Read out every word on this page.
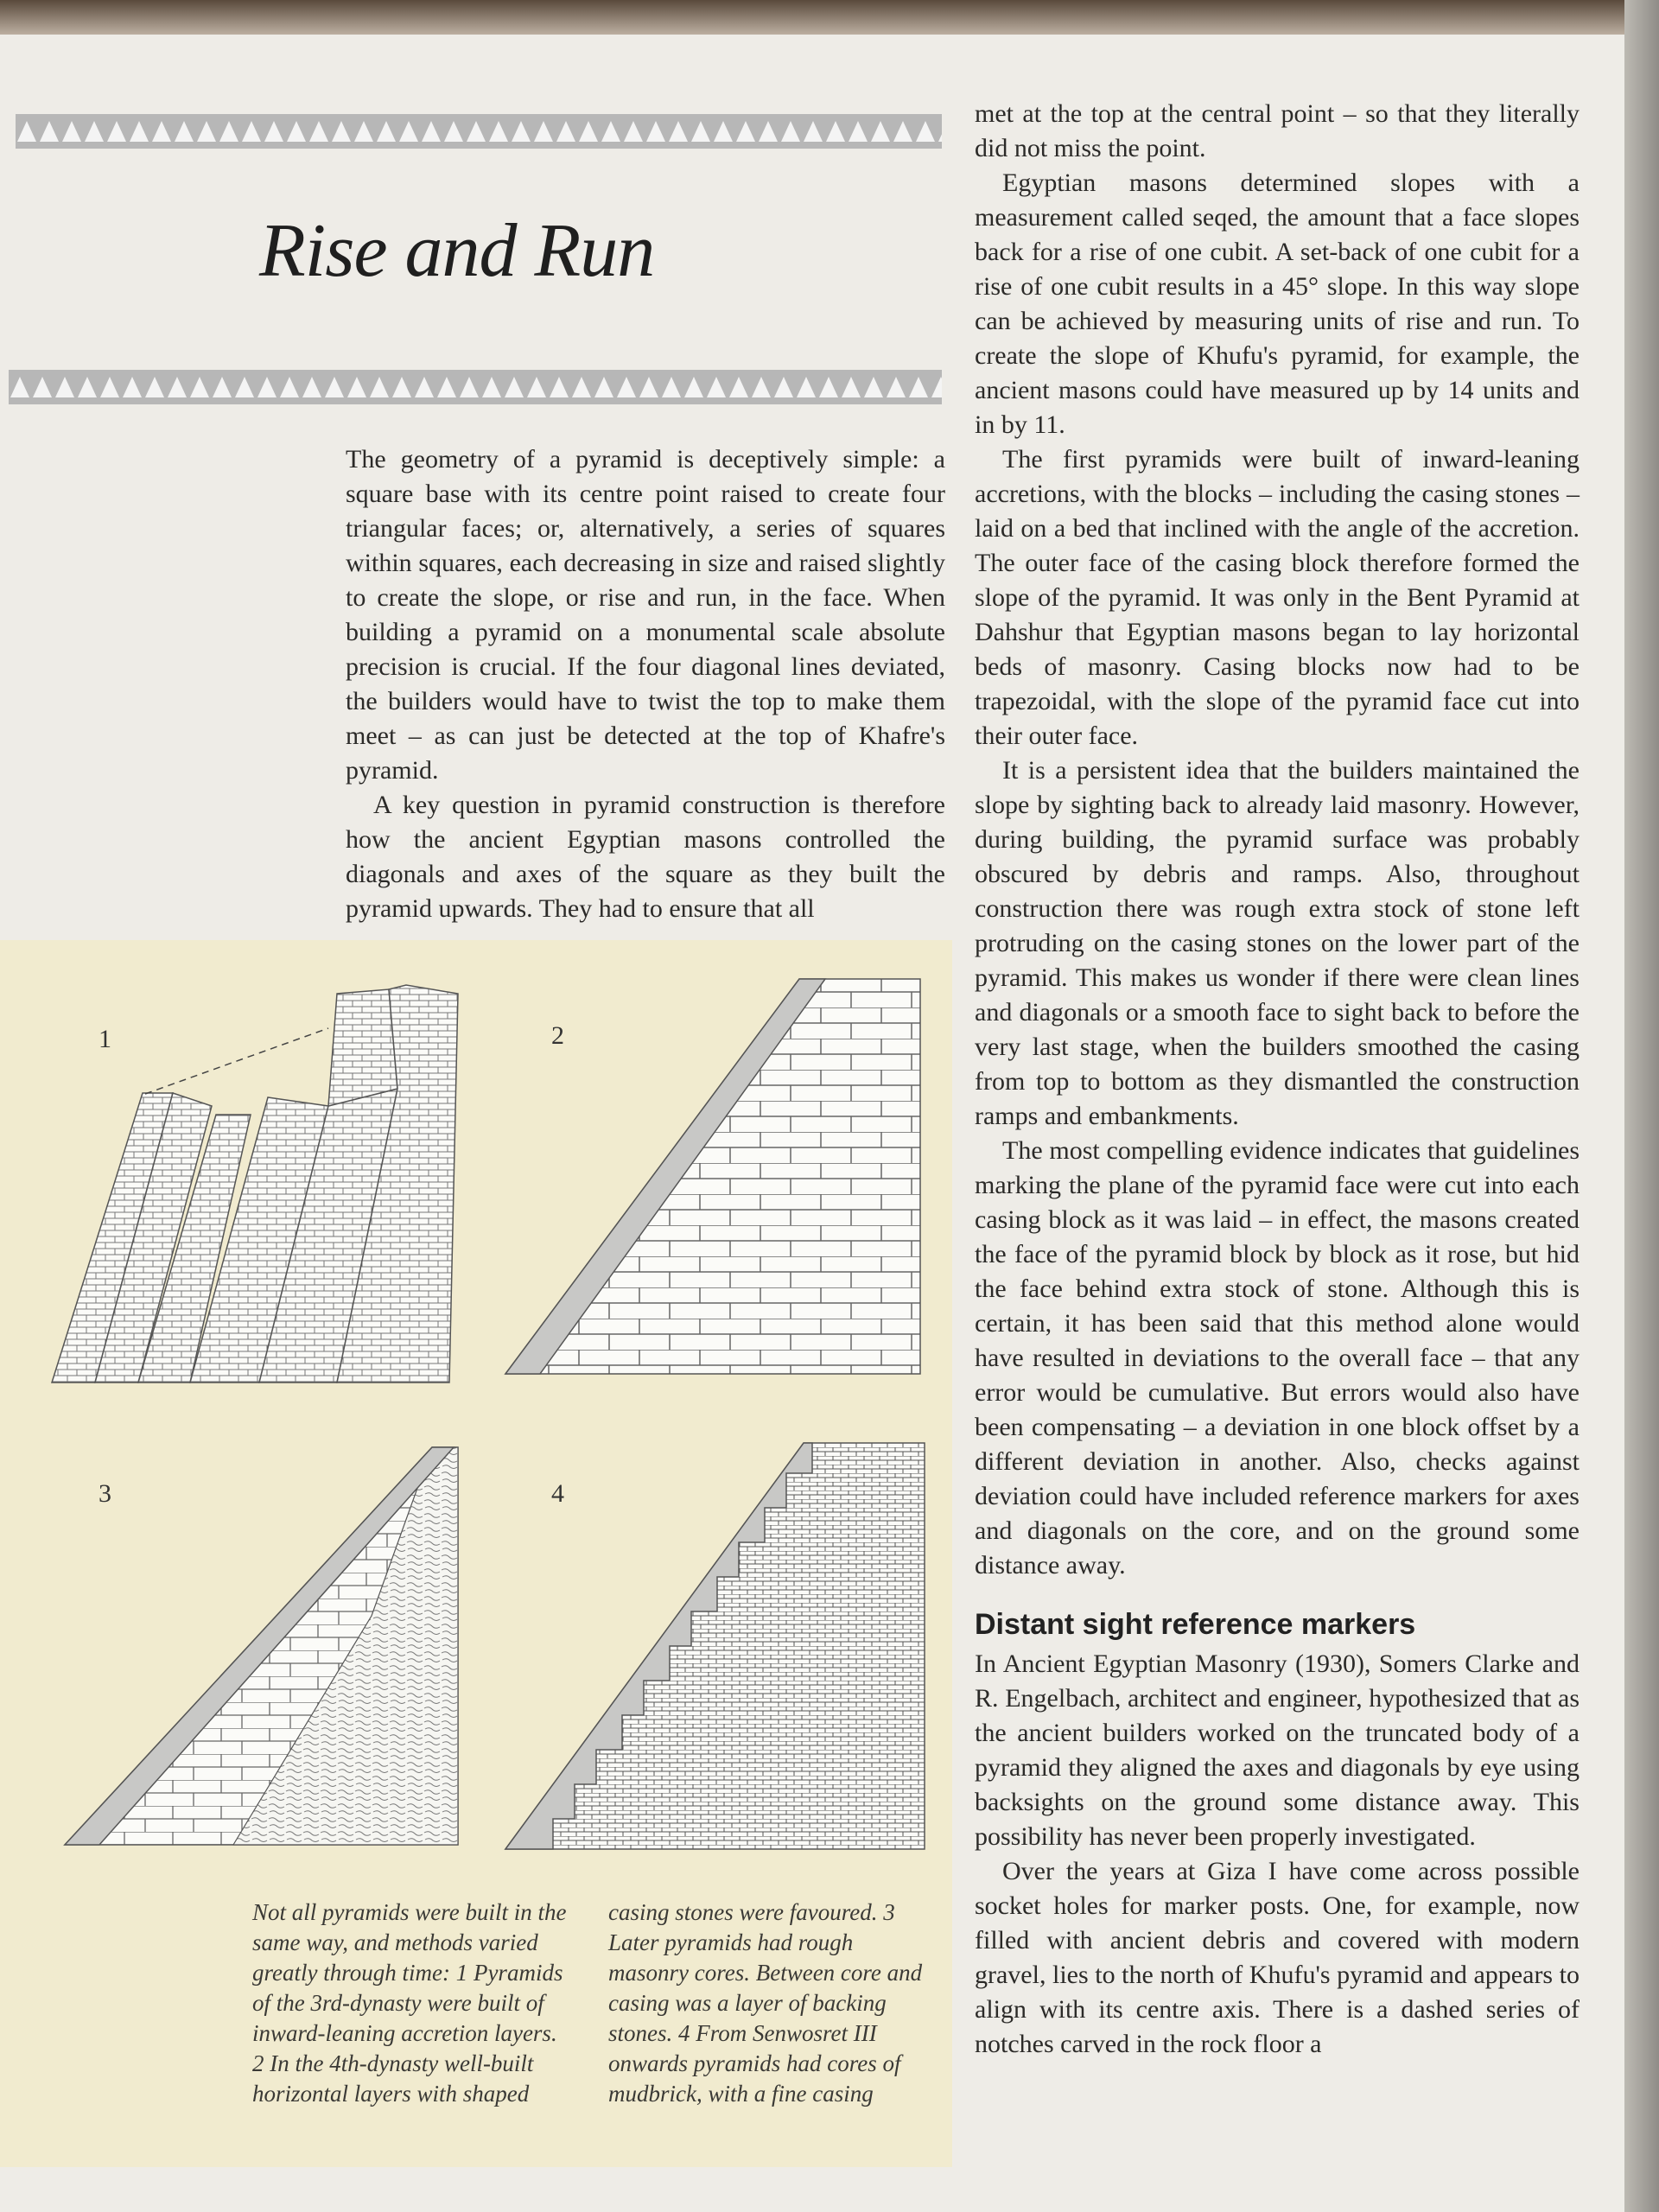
Rise and Run

The geometry of a pyramid is deceptively simple: a square base with its centre point raised to create four triangular faces; or, alternatively, a series of squares within squares, each decreasing in size and raised slightly to create the slope, or rise and run, in the face. When building a pyramid on a monumental scale absolute precision is crucial. If the four diagonal lines deviated, the builders would have to twist the top to make them meet – as can just be detected at the top of Khafre's pyramid.

A key question in pyramid construction is therefore how the ancient Egyptian masons controlled the diagonals and axes of the square as they built the pyramid upwards. They had to ensure that all

met at the top at the central point – so that they literally did not miss the point.

Egyptian masons determined slopes with a measurement called seqed, the amount that a face slopes back for a rise of one cubit. A set-back of one cubit for a rise of one cubit results in a 45° slope. In this way slope can be achieved by measuring units of rise and run. To create the slope of Khufu's pyramid, for example, the ancient masons could have measured up by 14 units and in by 11.

The first pyramids were built of inward-leaning accretions, with the blocks – including the casing stones – laid on a bed that inclined with the angle of the accretion. The outer face of the casing block therefore formed the slope of the pyramid. It was only in the Bent Pyramid at Dahshur that Egyptian masons began to lay horizontal beds of masonry. Casing blocks now had to be trapezoidal, with the slope of the pyramid face cut into their outer face.

It is a persistent idea that the builders maintained the slope by sighting back to already laid masonry. However, during building, the pyramid surface was probably obscured by debris and ramps. Also, throughout construction there was rough extra stock of stone left protruding on the casing stones on the lower part of the pyramid. This makes us wonder if there were clean lines and diagonals or a smooth face to sight back to before the very last stage, when the builders smoothed the casing from top to bottom as they dismantled the construction ramps and embankments.

The most compelling evidence indicates that guidelines marking the plane of the pyramid face were cut into each casing block as it was laid – in effect, the masons created the face of the pyramid block by block as it rose, but hid the face behind extra stock of stone. Although this is certain, it has been said that this method alone would have resulted in deviations to the overall face – that any error would be cumulative. But errors would also have been compensating – a deviation in one block offset by a different deviation in another. Also, checks against deviation could have included reference markers for axes and diagonals on the core, and on the ground some distance away.

Distant sight reference markers

In Ancient Egyptian Masonry (1930), Somers Clarke and R. Engelbach, architect and engineer, hypothesized that as the ancient builders worked on the truncated body of a pyramid they aligned the axes and diagonals by eye using backsights on the ground some distance away. This possibility has never been properly investigated.

Over the years at Giza I have come across possible socket holes for marker posts. One, for example, now filled with ancient debris and covered with modern gravel, lies to the north of Khufu's pyramid and appears to align with its centre axis. There is a dashed series of notches carved in the rock floor a

1	2
3	4
Not all pyramids were built in the same way, and methods varied greatly through time: 1 Pyramids of the 3rd-dynasty were built of inward-leaning accretion layers. 2 In the 4th-dynasty well-built horizontal layers with shaped
casing stones were favoured. 3 Later pyramids had rough masonry cores. Between core and casing was a layer of backing stones. 4 From Senwosret III onwards pyramids had cores of mudbrick, with a fine casing
